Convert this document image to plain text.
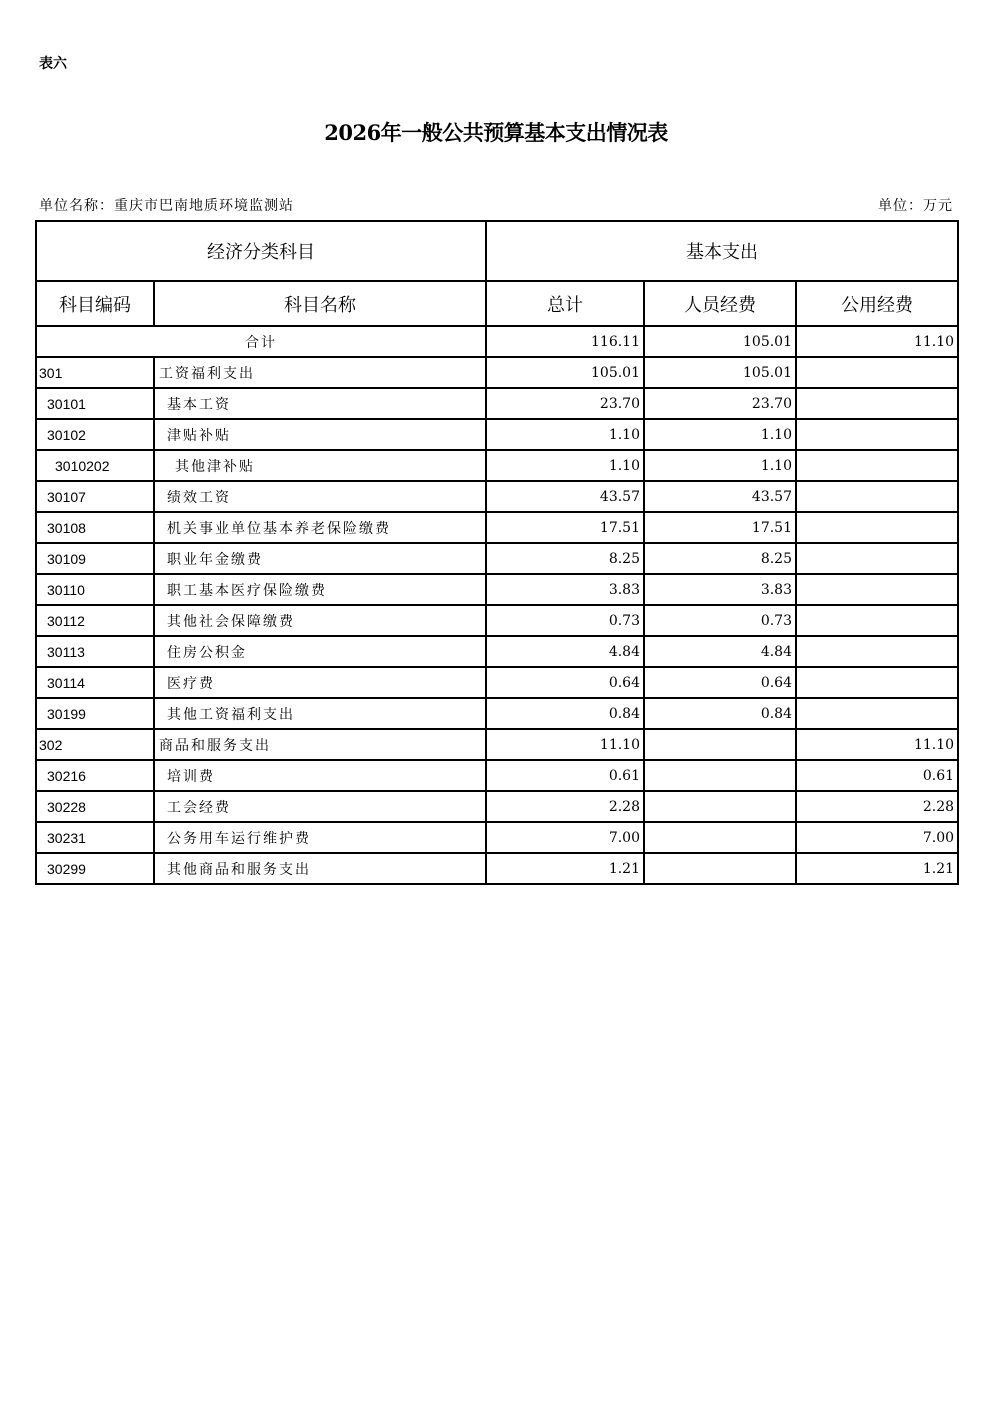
表六
2026年一般公共预算基本支出情况表
单位名称：重庆市巴南地质环境监测站	单位：万元
经济分类科目		基本支出		
科目编码	科目名称	总计	人员经费	公用经费
合计		116.11	105.01	11.10
301	工资福利支出	105.01	105.01	
30101	基本工资	23.70	23.70	
30102	津贴补贴	1.10	1.10	
3010202	其他津补贴	1.10	1.10	
30107	绩效工资	43.57	43.57	
30108	机关事业单位基本养老保险缴费	17.51	17.51	
30109	职业年金缴费	8.25	8.25	
30110	职工基本医疗保险缴费	3.83	3.83	
30112	其他社会保障缴费	0.73	0.73	
30113	住房公积金	4.84	4.84	
30114	医疗费	0.64	0.64	
30199	其他工资福利支出	0.84	0.84	
302	商品和服务支出	11.10		11.10
30216	培训费	0.61		0.61
30228	工会经费	2.28		2.28
30231	公务用车运行维护费	7.00		7.00
30299	其他商品和服务支出	1.21		1.21
